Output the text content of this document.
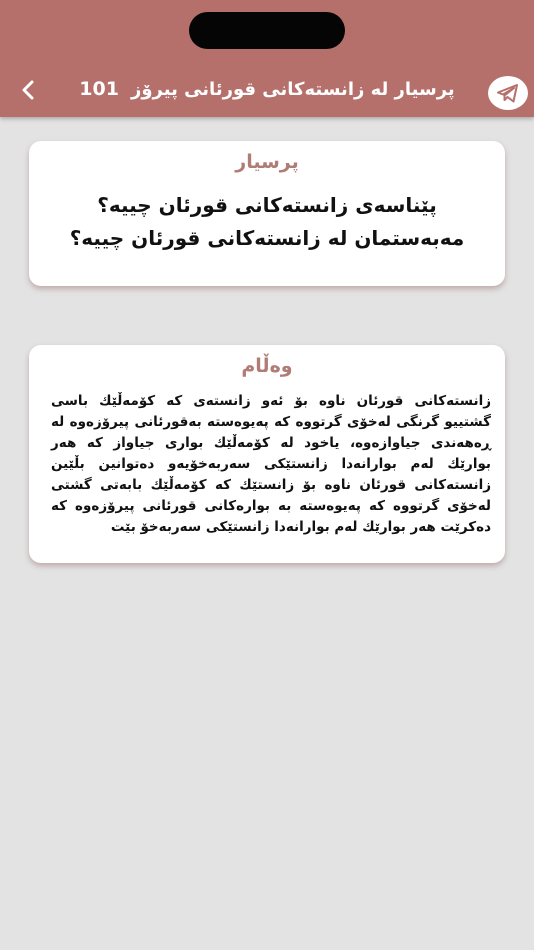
101 پرسیار لە زانستەکانی قورئانی پیرۆز
پرسیار
پێناسەی زانستەکانی قورئان چییە؟ مەبەستمان لە زانستەکانی قورئان چییە؟
وەڵام
زانستەکانی قورئان ناوە بۆ ئەو زانستەی کە کۆمەڵێك باسی گشتییو گرنگی لەخۆی گرتووە کە پەیوەستە بەقورئانی پیرۆزەوە لە ڕەهەندی جیاوازەوە، یاخود لە کۆمەڵێك بواری جیاواز کە هەر بوارێك لەم بوارانەدا زانستێکی سەربەخۆیەو دەتوانین بڵێین زانستەکانی قورئان ناوە بۆ زانستێك کە کۆمەڵێك بابەتی گشتی لەخۆی گرتووە کە پەیوەستە بە بوارەکانی قورئانی پیرۆزەوە کە دەکرێت هەر بوارێك لەم بوارانەدا زانستێکی سەربەخۆ بێت
